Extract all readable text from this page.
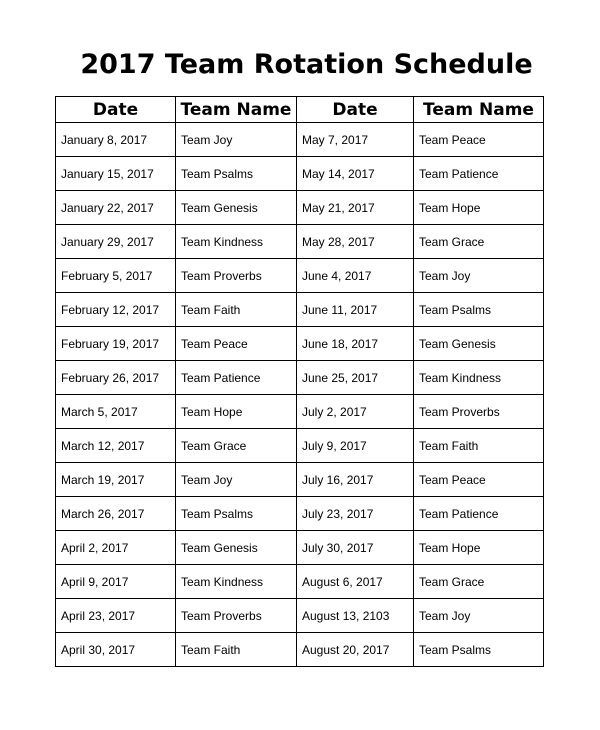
2017 Team Rotation Schedule
Date	Team Name	Date	Team Name
January 8, 2017	Team Joy	May 7, 2017	Team Peace
January 15, 2017	Team Psalms	May 14, 2017	Team Patience
January 22, 2017	Team Genesis	May 21, 2017	Team Hope
January 29, 2017	Team Kindness	May 28, 2017	Team Grace
February 5, 2017	Team Proverbs	June 4, 2017	Team Joy
February 12, 2017	Team Faith	June 11, 2017	Team Psalms
February 19, 2017	Team Peace	June 18, 2017	Team Genesis
February 26, 2017	Team Patience	June 25, 2017	Team Kindness
March 5, 2017	Team Hope	July 2, 2017	Team Proverbs
March 12, 2017	Team Grace	July 9, 2017	Team Faith
March 19, 2017	Team Joy	July 16, 2017	Team Peace
March 26, 2017	Team Psalms	July 23, 2017	Team Patience
April 2, 2017	Team Genesis	July 30, 2017	Team Hope
April 9, 2017	Team Kindness	August 6, 2017	Team Grace
April 23, 2017	Team Proverbs	August 13, 2103	Team Joy
April 30, 2017	Team Faith	August 20, 2017	Team Psalms
